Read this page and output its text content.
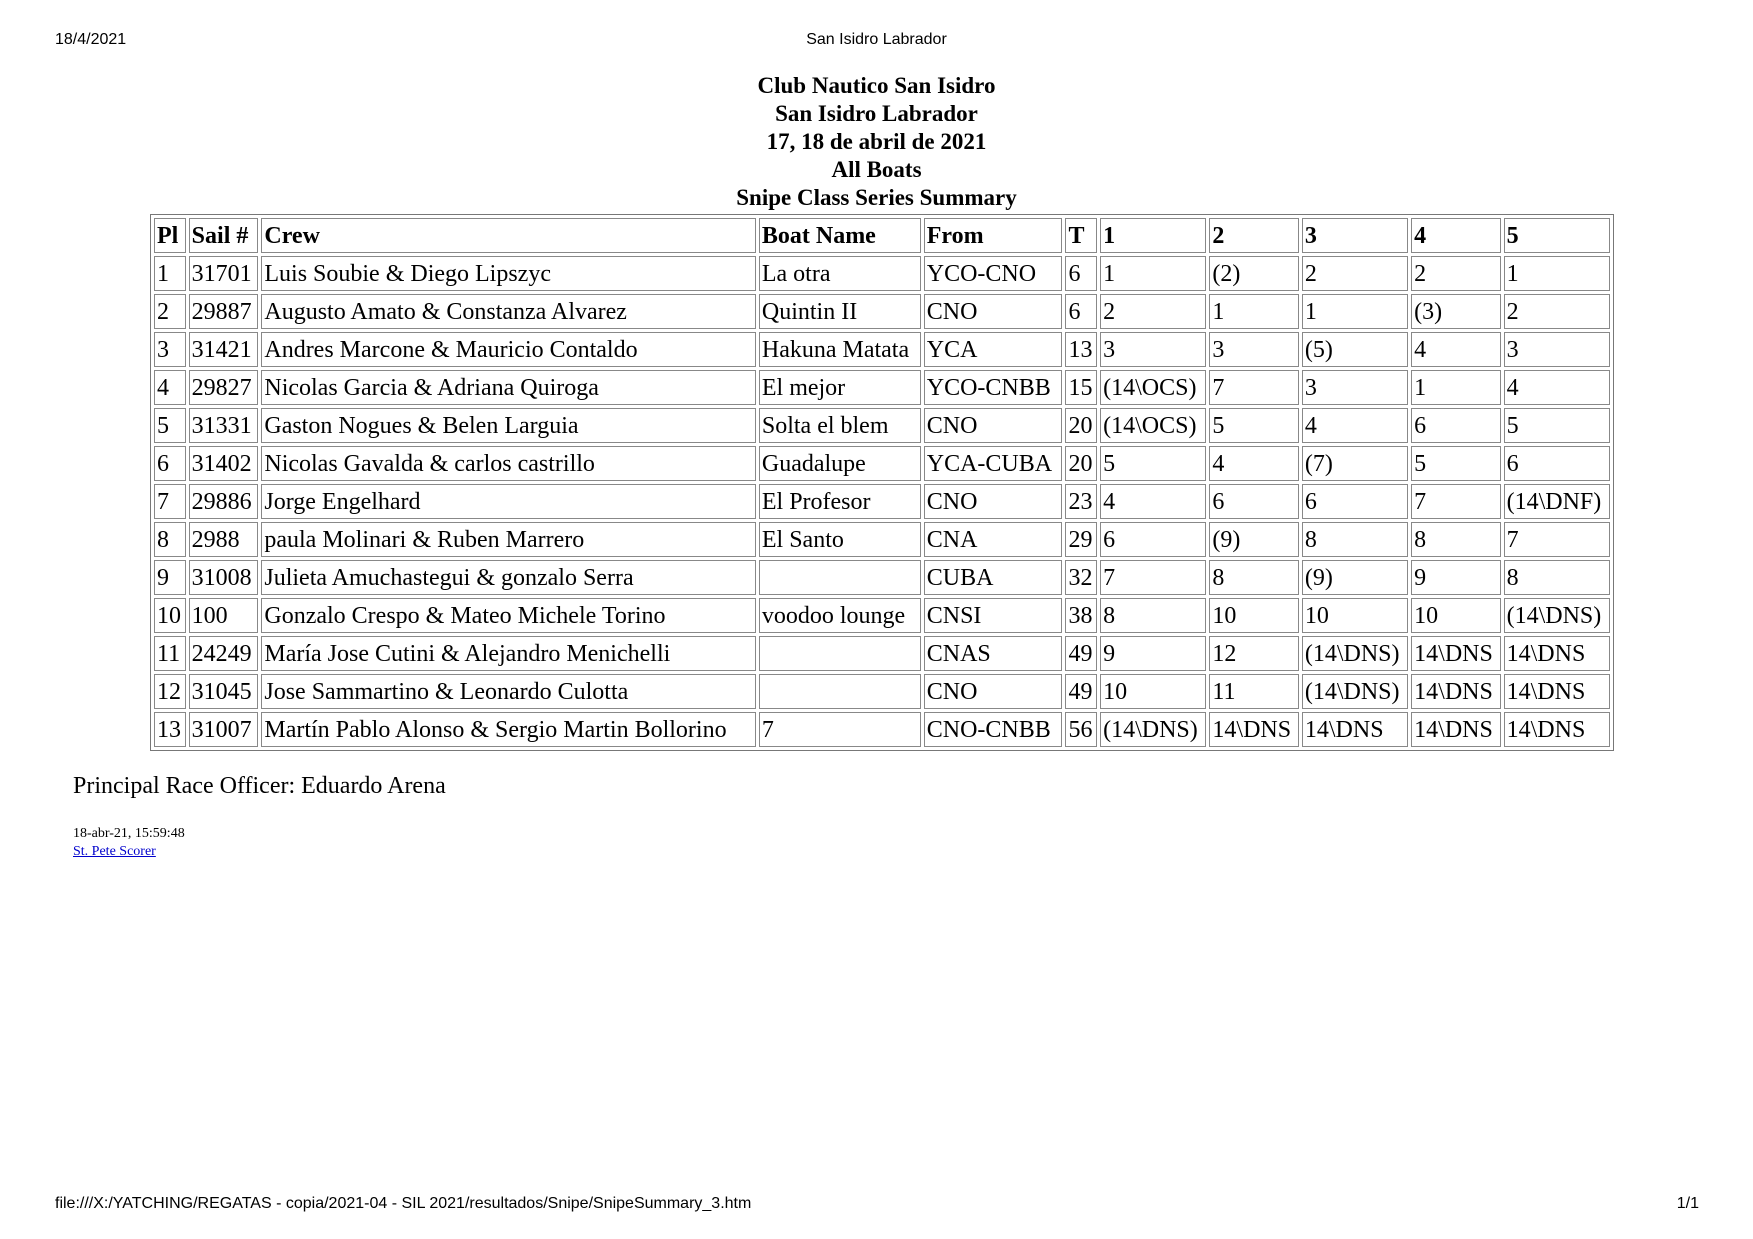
18/4/2021	San Isidro Labrador
Club Nautico San Isidro
San Isidro Labrador
17, 18 de abril de 2021
All Boats
Snipe Class Series Summary
Pl	Sail #	Crew	Boat Name	From	T	1	2	3	4	5
1	31701	Luis Soubie & Diego Lipszyc	La otra	YCO-CNO	6	1	(2)	2	2	1
2	29887	Augusto Amato & Constanza Alvarez	Quintin II	CNO	6	2	1	1	(3)	2
3	31421	Andres Marcone & Mauricio Contaldo	Hakuna Matata	YCA	13	3	3	(5)	4	3
4	29827	Nicolas Garcia & Adriana Quiroga	El mejor	YCO-CNBB	15	(14\OCS)	7	3	1	4
5	31331	Gaston Nogues & Belen Larguia	Solta el blem	CNO	20	(14\OCS)	5	4	6	5
6	31402	Nicolas Gavalda & carlos castrillo	Guadalupe	YCA-CUBA	20	5	4	(7)	5	6
7	29886	Jorge Engelhard	El Profesor	CNO	23	4	6	6	7	(14\DNF)
8	2988	paula Molinari & Ruben Marrero	El Santo	CNA	29	6	(9)	8	8	7
9	31008	Julieta Amuchastegui & gonzalo Serra		CUBA	32	7	8	(9)	9	8
10	100	Gonzalo Crespo & Mateo Michele Torino	voodoo lounge	CNSI	38	8	10	10	10	(14\DNS)
11	24249	María Jose Cutini & Alejandro Menichelli		CNAS	49	9	12	(14\DNS)	14\DNS	14\DNS
12	31045	Jose Sammartino & Leonardo Culotta		CNO	49	10	11	(14\DNS)	14\DNS	14\DNS
13	31007	Martín Pablo Alonso & Sergio Martin Bollorino	7	CNO-CNBB	56	(14\DNS)	14\DNS	14\DNS	14\DNS	14\DNS
Principal Race Officer: Eduardo Arena
18-abr-21, 15:59:48
St. Pete Scorer
file:///X:/YATCHING/REGATAS - copia/2021-04 - SIL 2021/resultados/Snipe/SnipeSummary_3.htm	1/1
